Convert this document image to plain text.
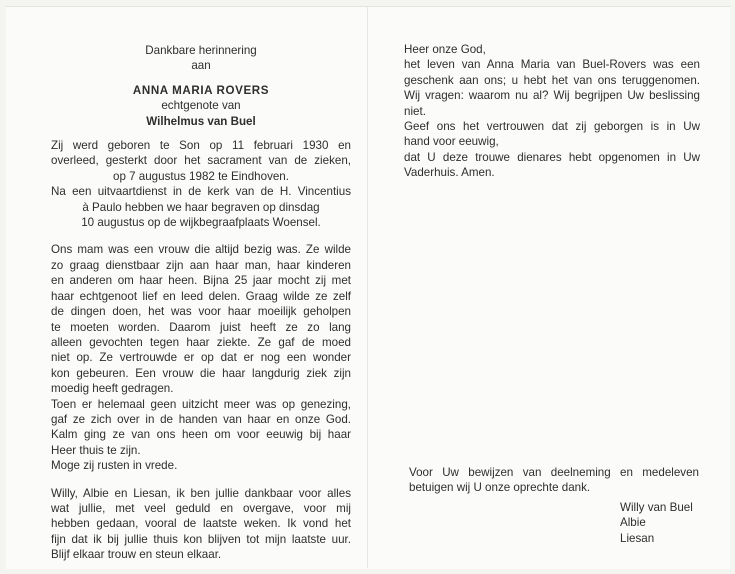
Dankbare herinnering
aan
ANNA MARIA ROVERS
echtgenote van
Wilhelmus van Buel
Zij werd geboren te Son op 11 februari 1930 en
overleed, gesterkt door het sacrament van de zieken,
op 7 augustus 1982 te Eindhoven.
Na een uitvaartdienst in de kerk van de H. Vincentius
à Paulo hebben we haar begraven op dinsdag
10 augustus op de wijkbegraafplaats Woensel.
Ons mam was een vrouw die altijd bezig was. Ze wilde
zo graag dienstbaar zijn aan haar man, haar kinderen
en anderen om haar heen. Bijna 25 jaar mocht zij met
haar echtgenoot lief en leed delen. Graag wilde ze zelf
de dingen doen, het was voor haar moeilijk geholpen
te moeten worden. Daarom juist heeft ze zo lang
alleen gevochten tegen haar ziekte. Ze gaf de moed
niet op. Ze vertrouwde er op dat er nog een wonder
kon gebeuren. Een vrouw die haar langdurig ziek zijn
moedig heeft gedragen.
Toen er helemaal geen uitzicht meer was op genezing,
gaf ze zich over in de handen van haar en onze God.
Kalm ging ze van ons heen om voor eeuwig bij haar
Heer thuis te zijn.
Moge zij rusten in vrede.
Willy, Albie en Liesan, ik ben jullie dankbaar voor alles
wat jullie, met veel geduld en overgave, voor mij
hebben gedaan, vooral de laatste weken. Ik vond het
fijn dat ik bij jullie thuis kon blijven tot mijn laatste uur.
Blijf elkaar trouw en steun elkaar.
Heer onze God,
het leven van Anna Maria van Buel-Rovers was een
geschenk aan ons; u hebt het van ons teruggenomen.
Wij vragen: waarom nu al? Wij begrijpen Uw beslissing
niet.
Geef ons het vertrouwen dat zij geborgen is in Uw
hand voor eeuwig,
dat U deze trouwe dienares hebt opgenomen in Uw
Vaderhuis. Amen.
Voor Uw bewijzen van deelneming en medeleven
betuigen wij U onze oprechte dank.
Willy van Buel
Albie
Liesan
